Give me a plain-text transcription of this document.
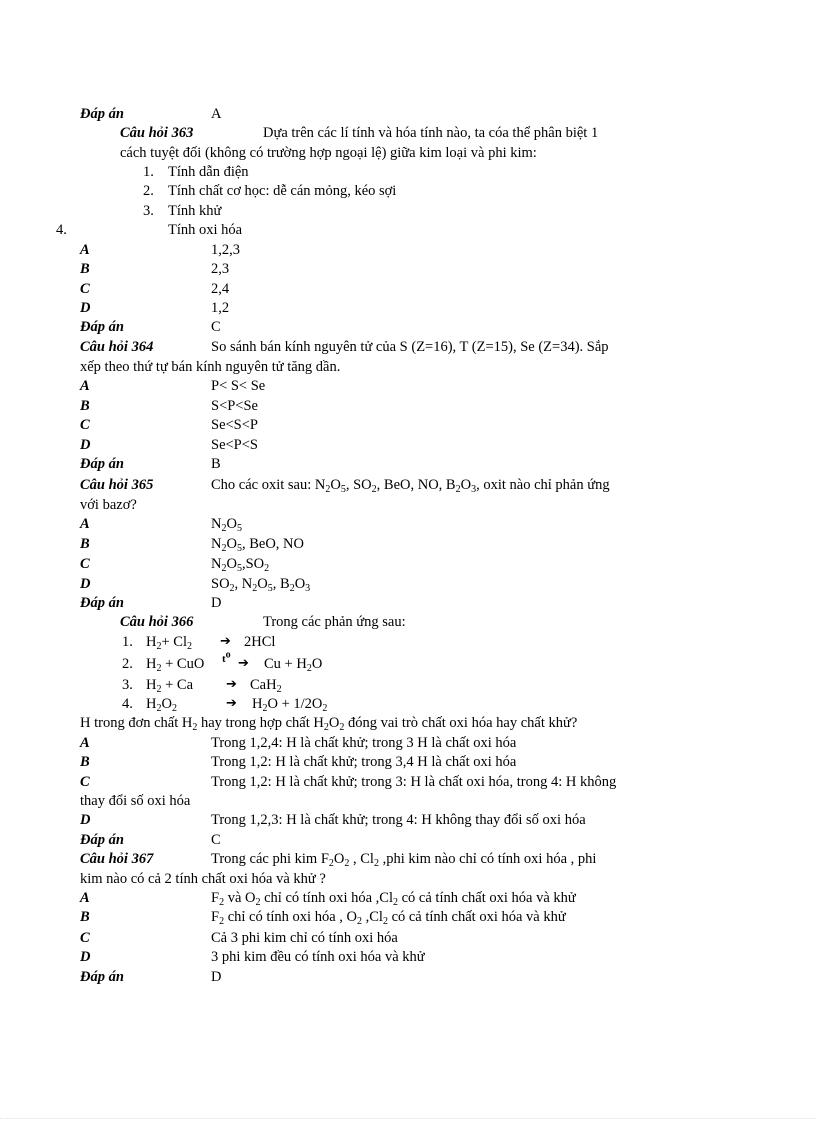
Đáp án	A
Câu hỏi 363	Dựa trên các lí tính và hóa tính nào, ta cóa thể phân biệt 1
cách tuyệt đối (không có trường hợp ngoại lệ) giữa kim loại và phi kim:
1. Tính dẫn điện
2. Tính chất cơ học: dễ cán mỏng, kéo sợi
3. Tính khử
4.	Tính oxi hóa
A	1,2,3
B	2,3
C	2,4
D	1,2
Đáp án	C
Câu hỏi 364	So sánh bán kính nguyên tử của S (Z=16), T (Z=15), Se (Z=34). Sắp
xếp theo thứ tự bán kính nguyên tử tăng dần.
A	P< S< Se
B	S<P<Se
C	Se<S<P
D	Se<P<S
Đáp án	B
Câu hỏi 365	Cho các oxit sau: $N_2O_5$, $SO_2$, BeO, NO, $B_2O_3$, oxit nào chỉ phản ứng
với bazơ?
A	$N_2O_5$
B	$N_2O_5$, BeO, NO
C	$N_2O_5,SO_2$
D	$SO_2$, $N_2O_5$, $B_2O_3$
Đáp án	D
Câu hỏi 366	Trong các phản ứng sau:
1. $H_2+ Cl_2$ ➔ 2HCl
2. $H_2$ + CuO $t^o$
➔ $Cu + H_2O$
3. $H_2 + Ca$	➔ CaH$_2$
4. $H_2O_2$	➔ $H_2O + 1/2O_2$
H trong đơn chất $H_2$ hay trong hợp chất $H_2O_2$ đóng vai trò chất oxi hóa hay chất khử?
A	Trong 1,2,4: H là chất khử; trong 3 H là chất oxi hóa
B	Trong 1,2: H là chất khử; trong 3,4 H là chất oxi hóa
C	Trong 1,2: H là chất khử; trong 3: H là chất oxi hóa, trong 4: H không
thay đổi số oxi hóa
D	Trong 1,2,3: H là chất khử; trong 4: H không thay đổi số oxi hóa
Đáp án	C
Câu hỏi 367	Trong các phi kim $F_2O_2$ , $Cl_2$ ,phi kim nào chỉ có tính oxi hóa , phi
kim nào có cả 2 tính chất oxi hóa và khử ?
A	$F_2$ và $O_2$ chỉ có tính oxi hóa $,Cl_2$ có cả tính chất oxi hóa và khử
B	$F_2$ chỉ có tính oxi hóa , $O_2$ $,Cl_2$ có cả tính chất oxi hóa và khử
C	Cả 3 phi kim chỉ có tính oxi hóa
D	3 phi kim đều có tính oxi hóa và khử
Đáp án	D
